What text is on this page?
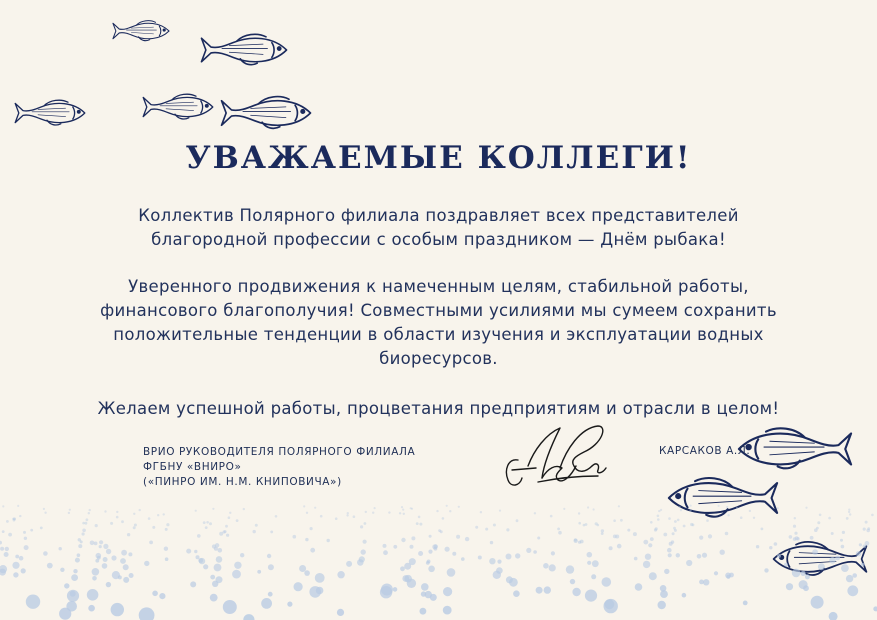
УВАЖАЕМЫЕ КОЛЛЕГИ!
Коллектив Полярного филиала поздравляет всех представителей
благородной профессии с особым праздником — Днём рыбака!
Уверенного продвижения к намеченным целям, стабильной работы,
финансового благополучия! Совместными усилиями мы сумеем сохранить
положительные тенденции в области изучения и эксплуатации водных
биоресурсов.
Желаем успешной работы, процветания предприятиям и отрасли в целом!
ВРИО РУКОВОДИТЕЛЯ ПОЛЯРНОГО ФИЛИАЛА
ФГБНУ «ВНИРО»
(«ПИНРО ИМ. Н.М. КНИПОВИЧА»)
КАРСАКОВ А.Л.
